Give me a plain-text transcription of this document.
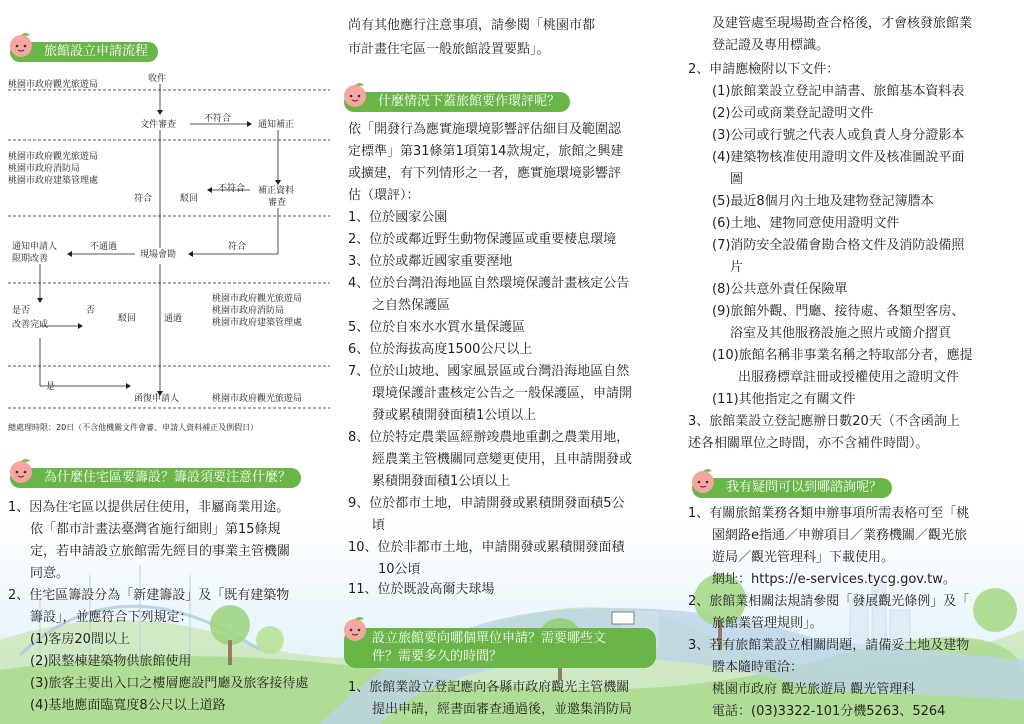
旅館設立申請流程
桃園市政府觀光旅遊局
收件
文件審查
不符合
通知補正
桃園市政府觀光旅遊局
桃園市政府消防局
桃園市政府建築管理處
符合	駁回
不符合 補正資料
審查
通知申請人
限期改善
不通過
現場會勘
符合
是否
改善完成
否
駁回	通過
桃園市政府觀光旅遊局
桃園市政府消防局
桃園市政府建築管理處
是
函復申請人	桃園市政府觀光旅遊局
總處理時限：20日（不含他機關文件會審、申請人資料補正及例假日）
為什麼住宅區要籌設？籌設須要注意什麼？
1、因為住宅區以提供居住使用，非屬商業用途。
依「都市計畫法臺灣省施行細則」第15條規
定，若申請設立旅館需先經目的事業主管機關
同意。
2、住宅區籌設分為「新建籌設」及「既有建築物
籌設」，並應符合下列規定：
(1)客房20間以上
(2)限整棟建築物供旅館使用
(3)旅客主要出入口之樓層應設門廳及旅客接待處
(4)基地應面臨寬度8公尺以上道路
尚有其他應行注意事項，請參閱「桃園市都
市計畫住宅區一般旅館設置要點」。
什麼情況下蓋旅館要作環評呢？
依「開發行為應實施環境影響評估細目及範圍認
定標準」第31條第1項第14款規定，旅館之興建
或擴建，有下列情形之一者，應實施環境影響評
估（環評）：
1、位於國家公園
2、位於或鄰近野生動物保護區或重要棲息環境
3、位於或鄰近國家重要溼地
4、位於台灣沿海地區自然環境保護計畫核定公告
之自然保護區
5、位於自來水水質水量保護區
6、位於海拔高度1500公尺以上
7、位於山坡地、國家風景區或台灣沿海地區自然
環境保護計畫核定公告之一般保護區，申請開
發或累積開發面積1公頃以上
8、位於特定農業區經辦竣農地重劃之農業用地，
經農業主管機關同意變更使用，且申請開發或
累積開發面積1公頃以上
9、位於都市土地，申請開發或累積開發面積5公
頃
10、位於非都市土地，申請開發或累積開發面積
10公頃
11、位於既設高爾夫球場
設立旅館要向哪個單位申請？需要哪些文
件？需要多久的時間？
1、旅館業設立登記應向各縣市政府觀光主管機關
提出申請，經書面審查通過後，並邀集消防局
及建管處至現場勘查合格後，才會核發旅館業
登記證及專用標識。
2、申請應檢附以下文件：
(1)旅館業設立登記申請書、旅館基本資料表
(2)公司或商業登記證明文件
(3)公司或行號之代表人或負責人身分證影本
(4)建築物核准使用證明文件及核准圖說平面
圖
(5)最近8個月內土地及建物登記簿謄本
(6)土地、建物同意使用證明文件
(7)消防安全設備會勘合格文件及消防設備照
片
(8)公共意外責任保險單
(9)旅館外觀、門廳、接待處、各類型客房、
浴室及其他服務設施之照片或簡介摺頁
(10)旅館名稱非事業名稱之特取部分者，應提
出服務標章註冊或授權使用之證明文件
(11)其他指定之有關文件
3、旅館業設立登記應辦日數20天（不含函詢上
述各相關單位之時間，亦不含補件時間）。
我有疑問可以到哪諮詢呢？
1、有關旅館業務各類申辦事項所需表格可至「桃
園網路e指通／申辦項目／業務機關／觀光旅
遊局／觀光管理科」下載使用。
網址：https://e-services.tycg.gov.tw。
2、旅館業相關法規請參閱「發展觀光條例」及「
旅館業管理規則」。
3、若有旅館業設立相關問題，請備妥土地及建物
謄本隨時電洽：
桃園市政府 觀光旅遊局 觀光管理科
電話：(03)3322-101分機5263、5264
